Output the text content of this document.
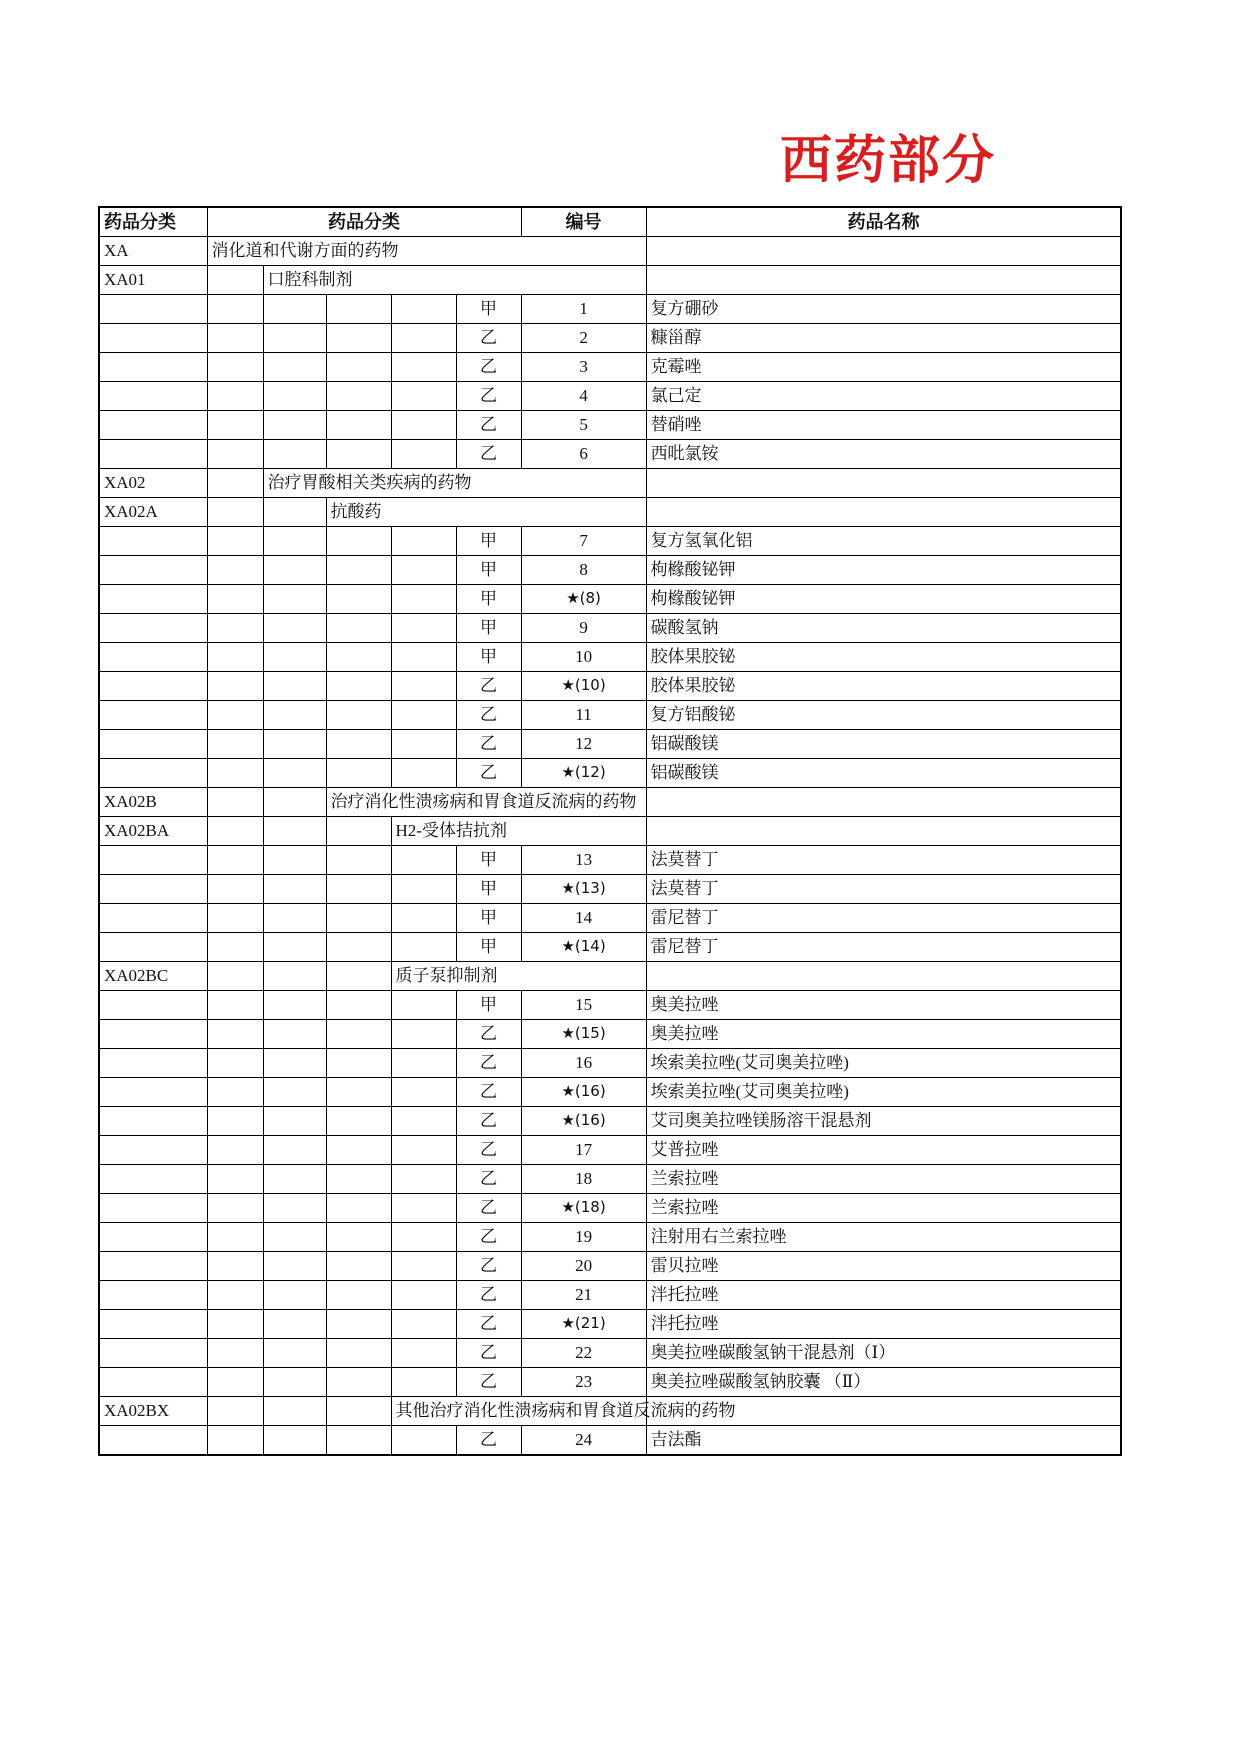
西药部分
药品分类	药品分类					编号	药品名称	
XA	消化道和代谢方面的药物							
XA01		口腔科制剂						
					甲	1	复方硼砂	
					乙	2	糠甾醇	
					乙	3	克霉唑	
					乙	4	氯己定	
					乙	5	替硝唑	
					乙	6	西吡氯铵	
XA02		治疗胃酸相关类疾病的药物						
XA02A			抗酸药					
					甲	7	复方氢氧化铝	
					甲	8	枸橼酸铋钾	
					甲	★(8)	枸橼酸铋钾	
					甲	9	碳酸氢钠	
					甲	10	胶体果胶铋	
					乙	★(10)	胶体果胶铋	
					乙	11	复方铝酸铋	
					乙	12	铝碳酸镁	
					乙	★(12)	铝碳酸镁	
XA02B			治疗消化性溃疡病和胃食道反流病的药物					
XA02BA				H2-受体拮抗剂				
					甲	13	法莫替丁	
					甲	★(13)	法莫替丁	
					甲	14	雷尼替丁	
					甲	★(14)	雷尼替丁	
XA02BC				质子泵抑制剂				
					甲	15	奥美拉唑	
					乙	★(15)	奥美拉唑	
					乙	16	埃索美拉唑(艾司奥美拉唑)	
					乙	★(16)	埃索美拉唑(艾司奥美拉唑)	
					乙	★(16)	艾司奥美拉唑镁肠溶干混悬剂	
					乙	17	艾普拉唑	
					乙	18	兰索拉唑	
					乙	★(18)	兰索拉唑	
					乙	19	注射用右兰索拉唑	
					乙	20	雷贝拉唑	
					乙	21	泮托拉唑	
					乙	★(21)	泮托拉唑	
					乙	22	奥美拉唑碳酸氢钠干混悬剂（Ⅰ）	
					乙	23	奥美拉唑碳酸氢钠胶囊 （Ⅱ）	
XA02BX				其他治疗消化性溃疡病和胃食道反流病的药物				
					乙	24	吉法酯	
